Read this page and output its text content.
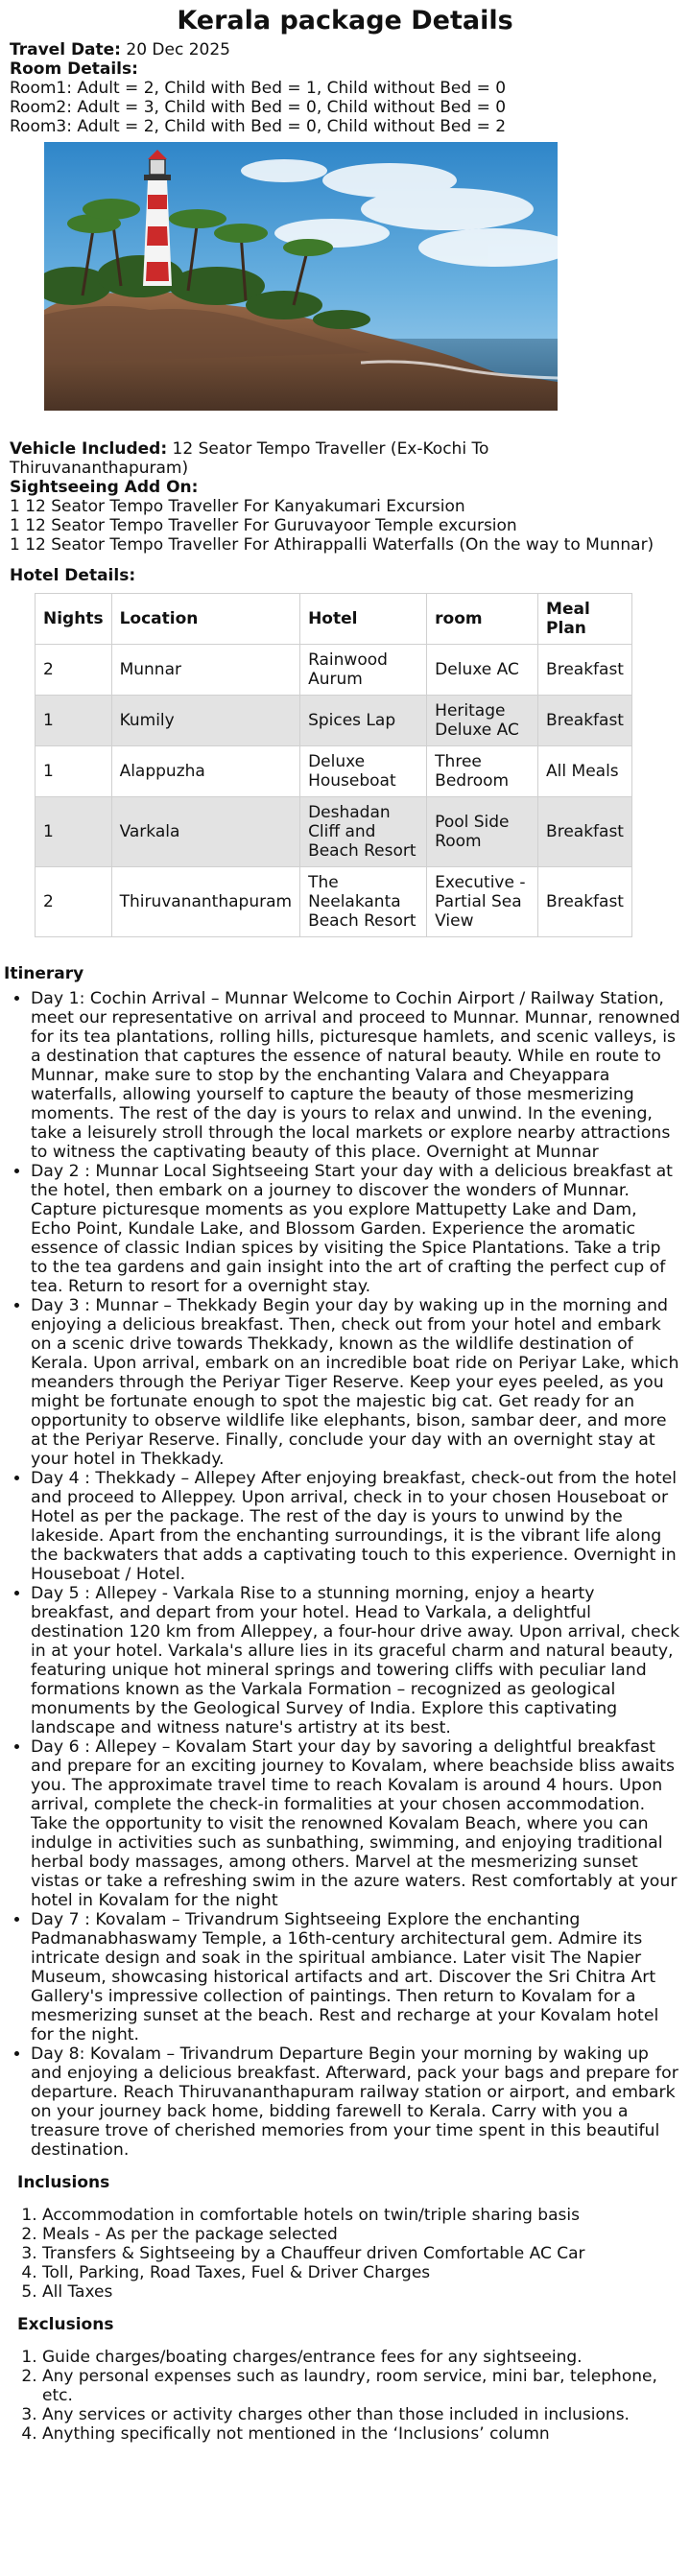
Kerala package Details

Travel Date: 20 Dec 2025

Room Details:

Room1: Adult = 2, Child with Bed = 1, Child without Bed = 0

Room2: Adult = 3, Child with Bed = 0, Child without Bed = 0

Room3: Adult = 2, Child with Bed = 0, Child without Bed = 2

Vehicle Included: 12 Seator Tempo Traveller (Ex-Kochi To

Thiruvananthapuram)

Sightseeing Add On:

1 12 Seator Tempo Traveller For Kanyakumari Excursion

1 12 Seator Tempo Traveller For Guruvayoor Temple excursion

1 12 Seator Tempo Traveller For Athirappalli Waterfalls (On the way to Munnar)

Hotel Details:

Nights	Location	Hotel	room	Meal Plan
2	Munnar	Rainwood Aurum	Deluxe AC	Breakfast
1	Kumily	Spices Lap	Heritage Deluxe AC	Breakfast
1	Alappuzha	Deluxe Houseboat	Three Bedroom	All Meals
1	Varkala	Deshadan Cliff and Beach Resort	Pool Side Room	Breakfast
2	Thiruvananthapuram	The Neelakanta Beach Resort	Executive - Partial Sea View	Breakfast

Itinerary

• Day 1: Cochin Arrival – Munnar Welcome to Cochin Airport / Railway Station, meet our representative on arrival and proceed to Munnar. Munnar, renowned for its tea plantations, rolling hills, picturesque hamlets, and scenic valleys, is a destination that captures the essence of natural beauty. While en route to Munnar, make sure to stop by the enchanting Valara and Cheyappara waterfalls, allowing yourself to capture the beauty of those mesmerizing moments. The rest of the day is yours to relax and unwind. In the evening, take a leisurely stroll through the local markets or explore nearby attractions to witness the captivating beauty of this place. Overnight at Munnar
• Day 2 : Munnar Local Sightseeing Start your day with a delicious breakfast at the hotel, then embark on a journey to discover the wonders of Munnar. Capture picturesque moments as you explore Mattupetty Lake and Dam, Echo Point, Kundale Lake, and Blossom Garden. Experience the aromatic essence of classic Indian spices by visiting the Spice Plantations. Take a trip to the tea gardens and gain insight into the art of crafting the perfect cup of tea. Return to resort for a overnight stay.
• Day 3 : Munnar – Thekkady Begin your day by waking up in the morning and enjoying a delicious breakfast. Then, check out from your hotel and embark on a scenic drive towards Thekkady, known as the wildlife destination of Kerala. Upon arrival, embark on an incredible boat ride on Periyar Lake, which meanders through the Periyar Tiger Reserve. Keep your eyes peeled, as you might be fortunate enough to spot the majestic big cat. Get ready for an opportunity to observe wildlife like elephants, bison, sambar deer, and more at the Periyar Reserve. Finally, conclude your day with an overnight stay at your hotel in Thekkady.
• Day 4 : Thekkady – Allepey After enjoying breakfast, check-out from the hotel and proceed to Alleppey. Upon arrival, check in to your chosen Houseboat or Hotel as per the package. The rest of the day is yours to unwind by the lakeside. Apart from the enchanting surroundings, it is the vibrant life along the backwaters that adds a captivating touch to this experience. Overnight in Houseboat / Hotel.
• Day 5 : Allepey - Varkala Rise to a stunning morning, enjoy a hearty breakfast, and depart from your hotel. Head to Varkala, a delightful destination 120 km from Alleppey, a four-hour drive away. Upon arrival, check in at your hotel. Varkala's allure lies in its graceful charm and natural beauty, featuring unique hot mineral springs and towering cliffs with peculiar land formations known as the Varkala Formation – recognized as geological monuments by the Geological Survey of India. Explore this captivating landscape and witness nature's artistry at its best.
• Day 6 : Allepey – Kovalam Start your day by savoring a delightful breakfast and prepare for an exciting journey to Kovalam, where beachside bliss awaits you. The approximate travel time to reach Kovalam is around 4 hours. Upon arrival, complete the check-in formalities at your chosen accommodation. Take the opportunity to visit the renowned Kovalam Beach, where you can indulge in activities such as sunbathing, swimming, and enjoying traditional herbal body massages, among others. Marvel at the mesmerizing sunset vistas or take a refreshing swim in the azure waters. Rest comfortably at your hotel in Kovalam for the night
• Day 7 : Kovalam – Trivandrum Sightseeing Explore the enchanting Padmanabhaswamy Temple, a 16th-century architectural gem. Admire its intricate design and soak in the spiritual ambiance. Later visit The Napier Museum, showcasing historical artifacts and art. Discover the Sri Chitra Art Gallery's impressive collection of paintings. Then return to Kovalam for a mesmerizing sunset at the beach. Rest and recharge at your Kovalam hotel for the night.
• Day 8: Kovalam – Trivandrum Departure Begin your morning by waking up and enjoying a delicious breakfast. Afterward, pack your bags and prepare for departure. Reach Thiruvananthapuram railway station or airport, and embark on your journey back home, bidding farewell to Kerala. Carry with you a treasure trove of cherished memories from your time spent in this beautiful destination.

Inclusions

1. Accommodation in comfortable hotels on twin/triple sharing basis
2. Meals - As per the package selected
3. Transfers & Sightseeing by a Chauffeur driven Comfortable AC Car
4. Toll, Parking, Road Taxes, Fuel & Driver Charges
5. All Taxes

Exclusions

1. Guide charges/boating charges/entrance fees for any sightseeing.
2. Any personal expenses such as laundry, room service, mini bar, telephone, etc.
3. Any services or activity charges other than those included in inclusions.
4. Anything specifically not mentioned in the ‘Inclusions’ column
